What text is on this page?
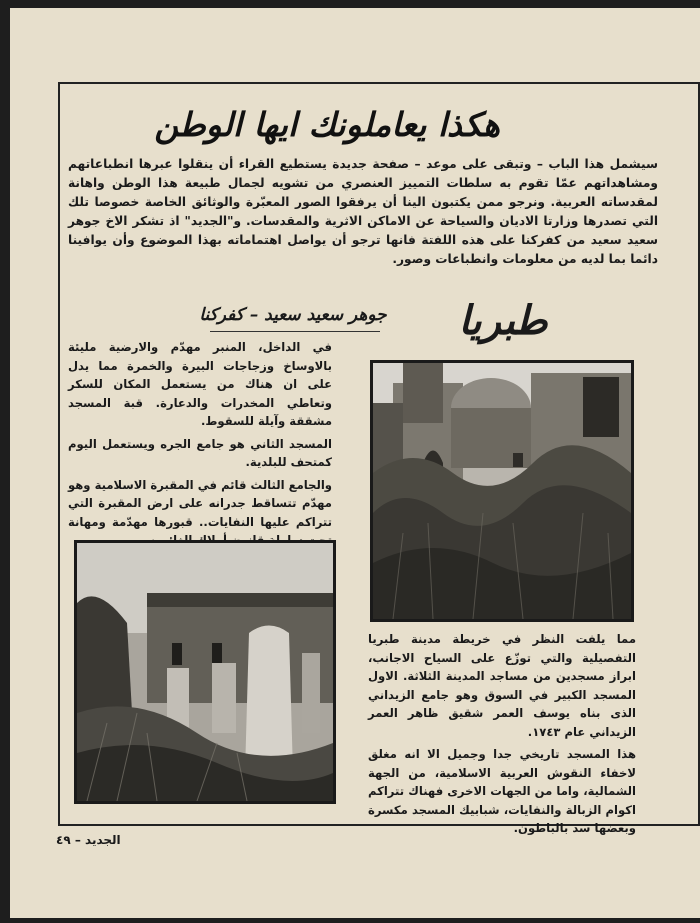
هكذا يعاملونك ايها الوطن
سيشمل هذا الباب – وتبقى على موعد – صفحة جديدة يستطيع القراء أن ينقلوا عبرها انطباعاتهم ومشاهداتهم عمّا تقوم به سلطات التمييز العنصري من تشويه لجمال طبيعة هذا الوطن واهانة لمقدساته العربية. ونرجو ممن يكتبون الينا أن يرفقوا الصور المعبّرة والوثائق الخاصة خصوصا تلك التي تصدرها وزارتا الاديان والسياحة عن الاماكن الاثرية والمقدسات. و"الجديد" اذ تشكر الاخ جوهر سعيد سعيد من كفركنا على هذه اللفتة فانها ترجو أن يواصل اهتماماته بهذا الموضوع وأن يوافينا دائما بما لديه من معلومات وانطباعات وصور.
طبريا
جوهر سعيد سعيد – كفركنا

في الداخل، المنبر مهدّم والارضية مليئة بالاوساخ وزجاجات البيرة والخمرة مما يدل على ان هناك من يستعمل المكان للسكر وتعاطي المخدرات والدعارة. قبة المسجد مشققة وآيلة للسقوط.

المسجد الثاني هو جامع الجره ويستعمل اليوم كمتحف للبلدية.

والجامع الثالث قائم في المقبرة الاسلامية وهو مهدّم تتساقط جدرانه على ارض المقبرة التي تتراكم عليها النفايات.. قبورها مهدّمة ومهانة

مما يلفت النظر في خريطة مدينة طبريا التفصيلية والتي توزّع على السياح الاجانب، ابراز مسجدين من مساجد المدينة الثلاثة. الاول المسجد الكبير في السوق وهو جامع الزيداني الذى بناه يوسف العمر شقيق ظاهر العمر الزيداني عام ١٧٤٣.

هذا المسجد تاريخي جدا وجميل الا انه مغلق لاخفاء النقوش العربية الاسلامية، من الجهة الشمالية، واما من الجهات الاخرى فهناك تتراكم اكوام الزبالة والنفايات، شبابيك المسجد مكسرة وبعضها سد بالباطون.

الجديد – ٤٩
